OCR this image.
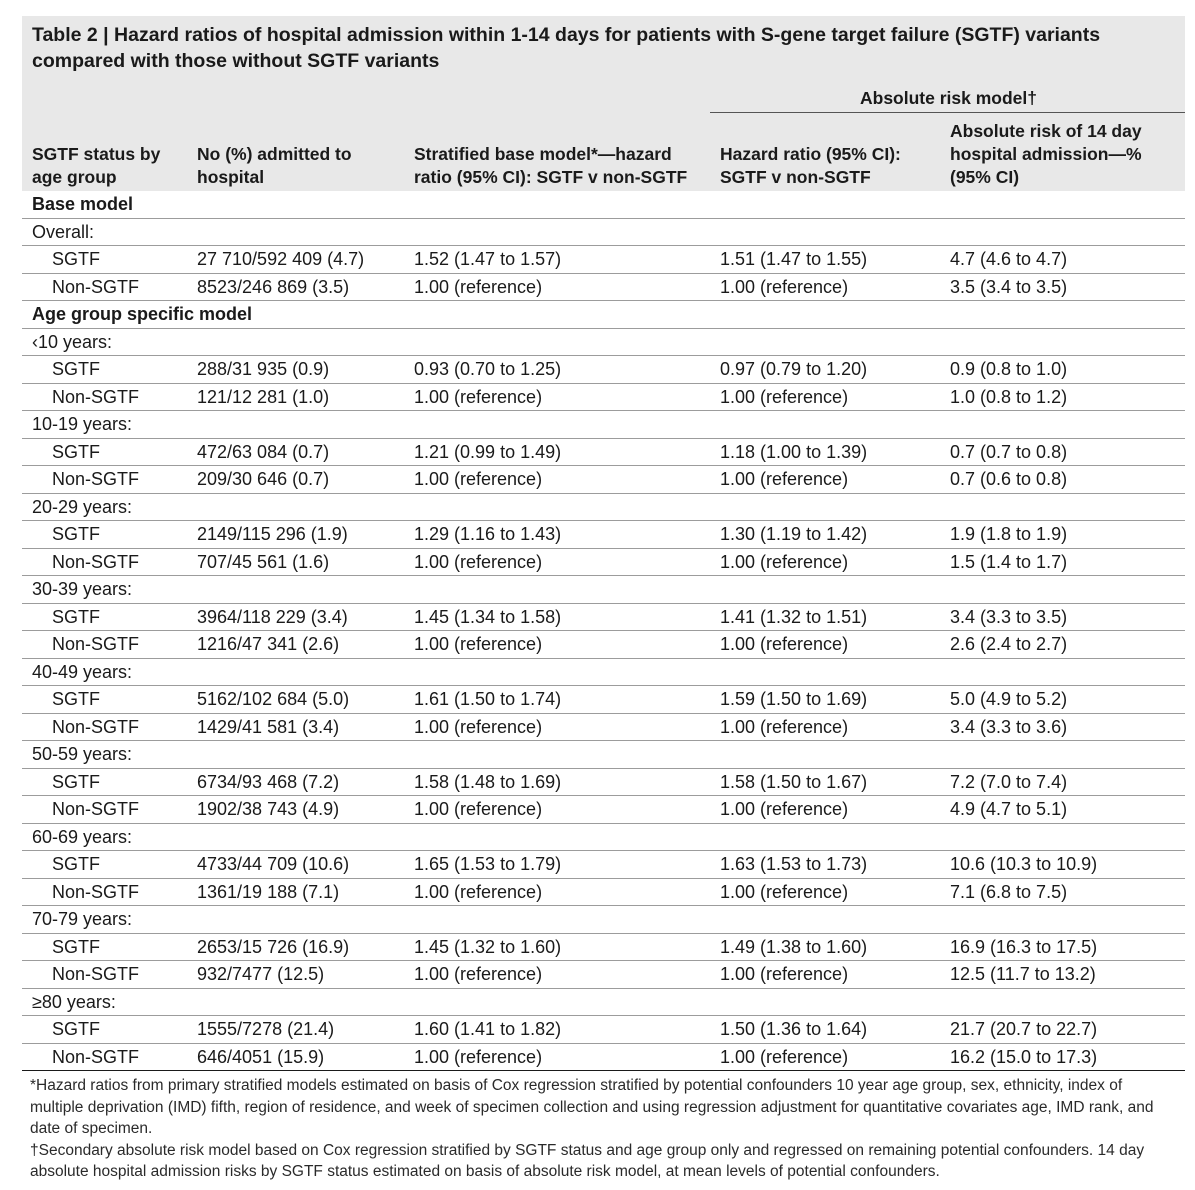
Table 2 | Hazard ratios of hospital admission within 1-14 days for patients with S-gene target failure (SGTF) variants compared with those without SGTF variants
			Absolute risk model†	
SGTF status by age group	No (%) admitted to hospital	Stratified base model*—hazard ratio (95% CI): SGTF v non-SGTF	Hazard ratio (95% CI): SGTF v non-SGTF	Absolute risk of 14 day hospital admission—% (95% CI)
Base model				
Overall:				
SGTF	27 710/592 409 (4.7)	1.52 (1.47 to 1.57)	1.51 (1.47 to 1.55)	4.7 (4.6 to 4.7)
Non-SGTF	8523/246 869 (3.5)	1.00 (reference)	1.00 (reference)	3.5 (3.4 to 3.5)
Age group specific model				
‹10 years:				
SGTF	288/31 935 (0.9)	0.93 (0.70 to 1.25)	0.97 (0.79 to 1.20)	0.9 (0.8 to 1.0)
Non-SGTF	121/12 281 (1.0)	1.00 (reference)	1.00 (reference)	1.0 (0.8 to 1.2)
10-19 years:				
SGTF	472/63 084 (0.7)	1.21 (0.99 to 1.49)	1.18 (1.00 to 1.39)	0.7 (0.7 to 0.8)
Non-SGTF	209/30 646 (0.7)	1.00 (reference)	1.00 (reference)	0.7 (0.6 to 0.8)
20-29 years:				
SGTF	2149/115 296 (1.9)	1.29 (1.16 to 1.43)	1.30 (1.19 to 1.42)	1.9 (1.8 to 1.9)
Non-SGTF	707/45 561 (1.6)	1.00 (reference)	1.00 (reference)	1.5 (1.4 to 1.7)
30-39 years:				
SGTF	3964/118 229 (3.4)	1.45 (1.34 to 1.58)	1.41 (1.32 to 1.51)	3.4 (3.3 to 3.5)
Non-SGTF	1216/47 341 (2.6)	1.00 (reference)	1.00 (reference)	2.6 (2.4 to 2.7)
40-49 years:				
SGTF	5162/102 684 (5.0)	1.61 (1.50 to 1.74)	1.59 (1.50 to 1.69)	5.0 (4.9 to 5.2)
Non-SGTF	1429/41 581 (3.4)	1.00 (reference)	1.00 (reference)	3.4 (3.3 to 3.6)
50-59 years:				
SGTF	6734/93 468 (7.2)	1.58 (1.48 to 1.69)	1.58 (1.50 to 1.67)	7.2 (7.0 to 7.4)
Non-SGTF	1902/38 743 (4.9)	1.00 (reference)	1.00 (reference)	4.9 (4.7 to 5.1)
60-69 years:				
SGTF	4733/44 709 (10.6)	1.65 (1.53 to 1.79)	1.63 (1.53 to 1.73)	10.6 (10.3 to 10.9)
Non-SGTF	1361/19 188 (7.1)	1.00 (reference)	1.00 (reference)	7.1 (6.8 to 7.5)
70-79 years:				
SGTF	2653/15 726 (16.9)	1.45 (1.32 to 1.60)	1.49 (1.38 to 1.60)	16.9 (16.3 to 17.5)
Non-SGTF	932/7477 (12.5)	1.00 (reference)	1.00 (reference)	12.5 (11.7 to 13.2)
≥80 years:				
SGTF	1555/7278 (21.4)	1.60 (1.41 to 1.82)	1.50 (1.36 to 1.64)	21.7 (20.7 to 22.7)
Non-SGTF	646/4051 (15.9)	1.00 (reference)	1.00 (reference)	16.2 (15.0 to 17.3)

*Hazard ratios from primary stratified models estimated on basis of Cox regression stratified by potential confounders 10 year age group, sex, ethnicity, index of multiple deprivation (IMD) fifth, region of residence, and week of specimen collection and using regression adjustment for quantitative covariates age, IMD rank, and date of specimen.

†Secondary absolute risk model based on Cox regression stratified by SGTF status and age group only and regressed on remaining potential confounders. 14 day absolute hospital admission risks by SGTF status estimated on basis of absolute risk model, at mean levels of potential confounders.
